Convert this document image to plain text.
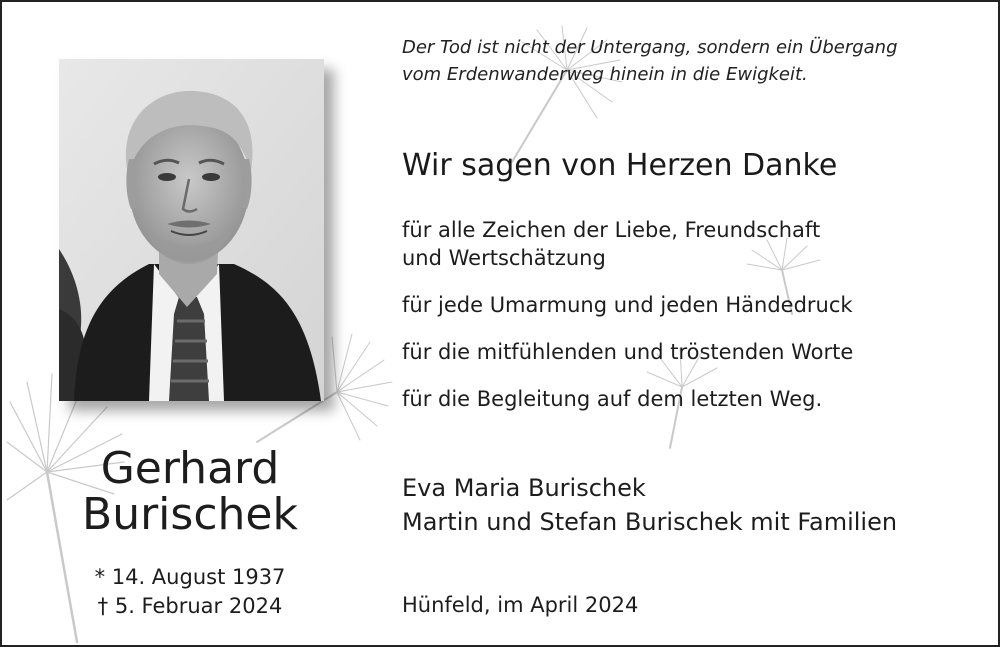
Der Tod ist nicht der Untergang, sondern ein Übergang
vom Erdenwanderweg hinein in die Ewigkeit.
Wir sagen von Herzen Danke
für alle Zeichen der Liebe, Freundschaft
und Wertschätzung
für jede Umarmung und jeden Händedruck
für die mitfühlenden und tröstenden Worte
für die Begleitung auf dem letzten Weg.
Gerhard
Burischek
* 14. August 1937
† 5. Februar 2024
Eva Maria Burischek
Martin und Stefan Burischek mit Familien
Hünfeld, im April 2024
